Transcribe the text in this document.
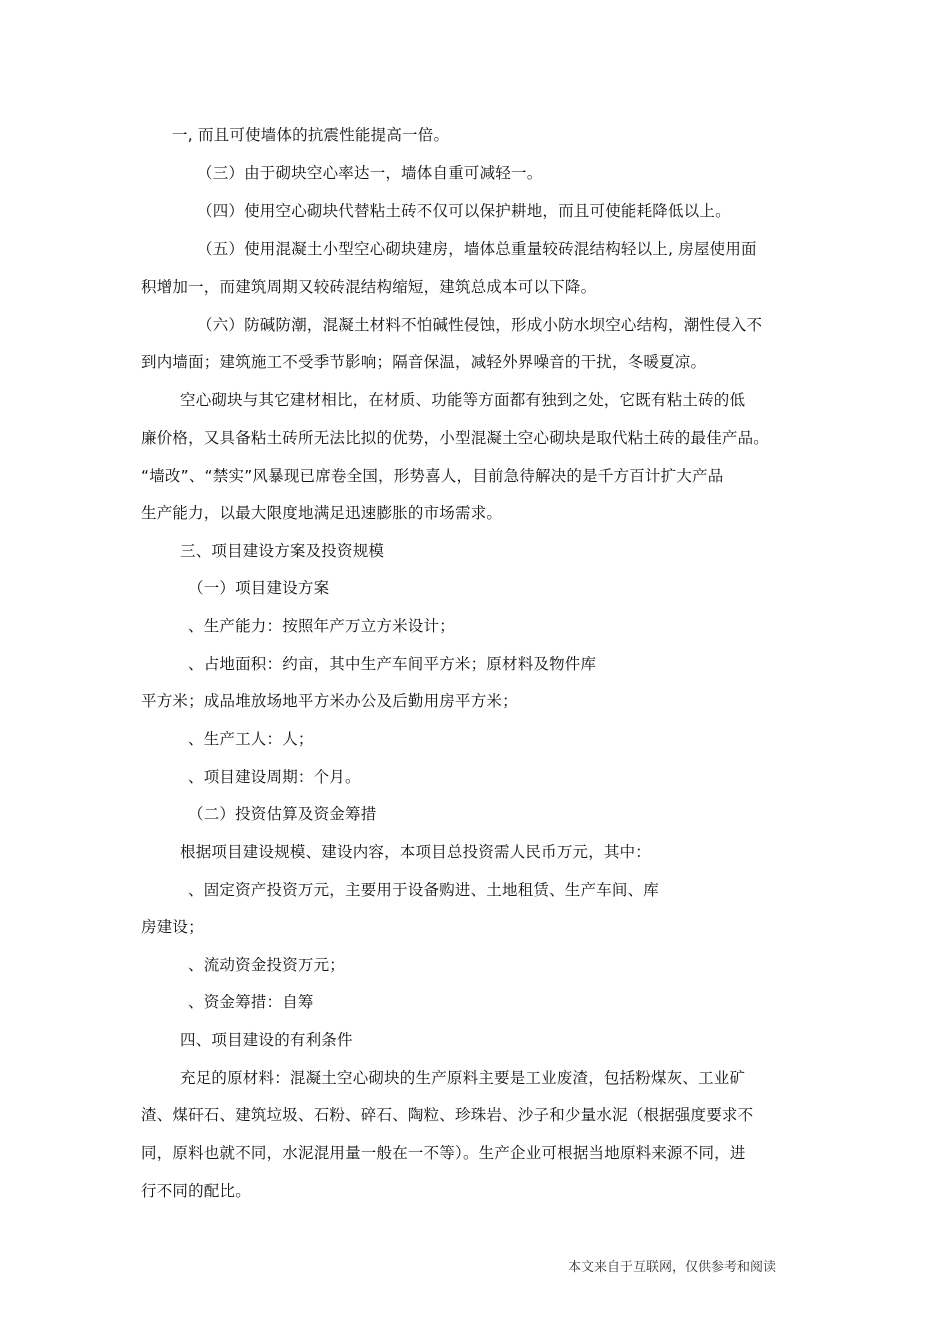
一, 而且可使墙体的抗震性能提高一倍。
（三）由于砌块空心率达一，墙体自重可减轻一。
（四）使用空心砌块代替粘土砖不仅可以保护耕地，而且可使能耗降低以上。
（五）使用混凝土小型空心砌块建房，墙体总重量较砖混结构轻以上, 房屋使用面
积增加一，而建筑周期又较砖混结构缩短，建筑总成本可以下降。
（六）防碱防潮，混凝土材料不怕碱性侵蚀，形成小防水坝空心结构，潮性侵入不
到内墙面；建筑施工不受季节影响；隔音保温，减轻外界噪音的干扰，冬暖夏凉。
空心砌块与其它建材相比，在材质、功能等方面都有独到之处，它既有粘土砖的低
廉价格，又具备粘土砖所无法比拟的优势，小型混凝土空心砌块是取代粘土砖的最佳产品。
“墙改”、“禁实”风暴现已席卷全国，形势喜人，目前急待解决的是千方百计扩大产品
生产能力，以最大限度地满足迅速膨胀的市场需求。
三、项目建设方案及投资规模
（一）项目建设方案
、生产能力：按照年产万立方米设计；
、占地面积：约亩，其中生产车间平方米；原材料及物件库
平方米；成品堆放场地平方米办公及后勤用房平方米；
、生产工人：人；
、项目建设周期：个月。
（二）投资估算及资金筹措
根据项目建设规模、建设内容，本项目总投资需人民币万元，其中：
、固定资产投资万元，主要用于设备购进、土地租赁、生产车间、库
房建设；
、流动资金投资万元；
、资金筹措：自筹
四、项目建设的有利条件
充足的原材料：混凝土空心砌块的生产原料主要是工业废渣，包括粉煤灰、工业矿
渣、煤矸石、建筑垃圾、石粉、碎石、陶粒、珍珠岩、沙子和少量水泥（根据强度要求不
同，原料也就不同，水泥混用量一般在一不等）。生产企业可根据当地原料来源不同，进
行不同的配比。
本文来自于互联网，仅供参考和阅读
